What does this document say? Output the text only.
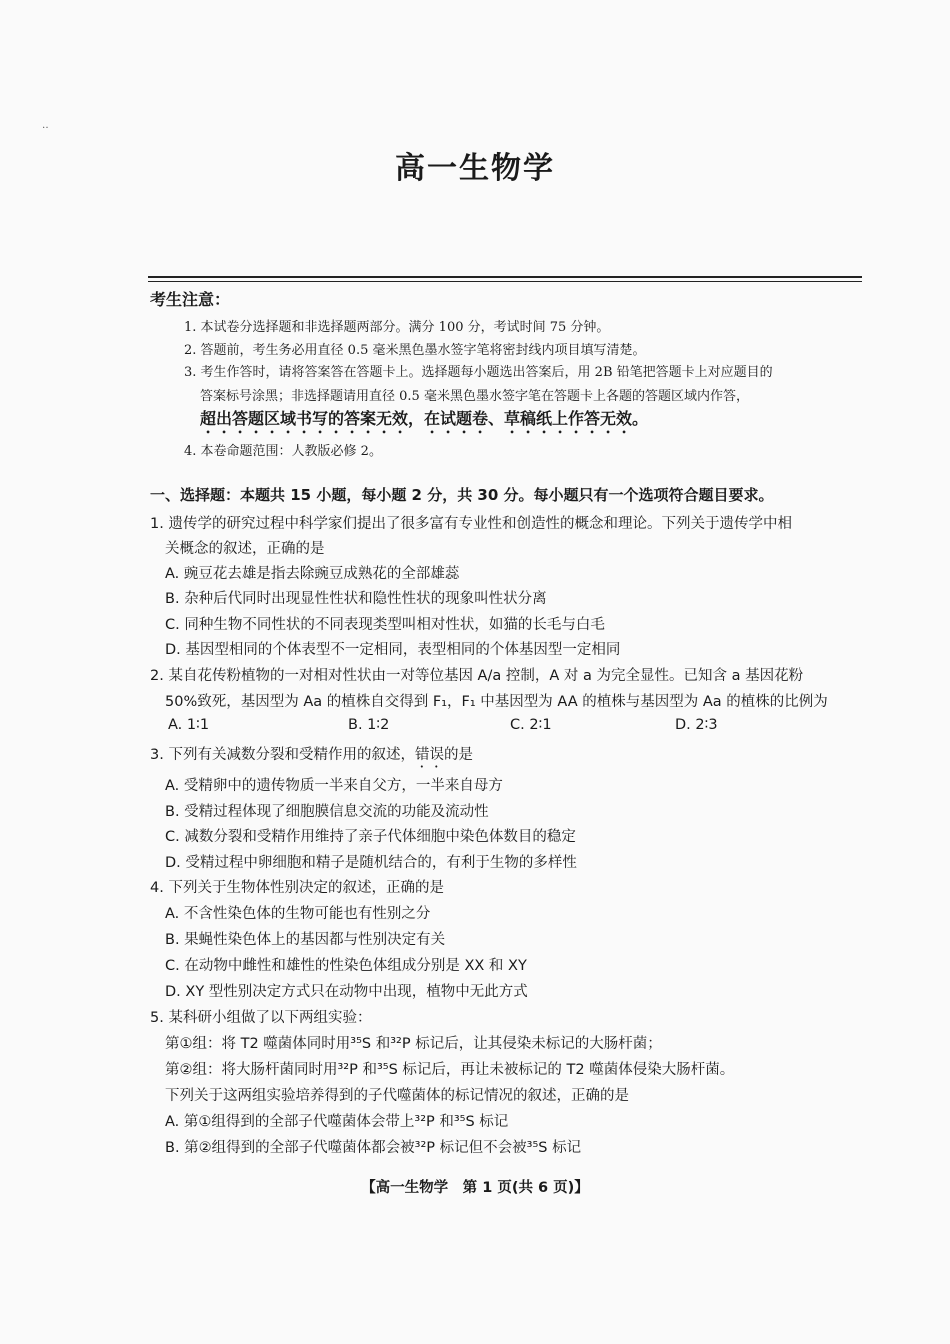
‥
高一生物学
考生注意：
1. 本试卷分选择题和非选择题两部分。满分 100 分，考试时间 75 分钟。
2. 答题前，考生务必用直径 0.5 毫米黑色墨水签字笔将密封线内项目填写清楚。
3. 考生作答时，请将答案答在答题卡上。选择题每小题选出答案后，用 2B 铅笔把答题卡上对应题目的
答案标号涂黑；非选择题请用直径 0.5 毫米黑色墨水签字笔在答题卡上各题的答题区域内作答，
超出答题区域书写的答案无效，在试题卷、草稿纸上作答无效。
4. 本卷命题范围：人教版必修 2。
一、选择题：本题共 15 小题，每小题 2 分，共 30 分。每小题只有一个选项符合题目要求。
1. 遗传学的研究过程中科学家们提出了很多富有专业性和创造性的概念和理论。下列关于遗传学中相
关概念的叙述，正确的是
A. 豌豆花去雄是指去除豌豆成熟花的全部雄蕊
B. 杂种后代同时出现显性性状和隐性性状的现象叫性状分离
C. 同种生物不同性状的不同表现类型叫相对性状，如猫的长毛与白毛
D. 基因型相同的个体表型不一定相同，表型相同的个体基因型一定相同
2. 某自花传粉植物的一对相对性状由一对等位基因 A/a 控制，A 对 a 为完全显性。已知含 a 基因花粉
50%致死，基因型为 Aa 的植株自交得到 F₁，F₁ 中基因型为 AA 的植株与基因型为 Aa 的植株的比例为
A. 1∶1	B. 1∶2	C. 2∶1	D. 2∶3
3. 下列有关减数分裂和受精作用的叙述，错误的是
A. 受精卵中的遗传物质一半来自父方，一半来自母方
B. 受精过程体现了细胞膜信息交流的功能及流动性
C. 减数分裂和受精作用维持了亲子代体细胞中染色体数目的稳定
D. 受精过程中卵细胞和精子是随机结合的，有利于生物的多样性
4. 下列关于生物体性别决定的叙述，正确的是
A. 不含性染色体的生物可能也有性别之分
B. 果蝇性染色体上的基因都与性别决定有关
C. 在动物中雌性和雄性的性染色体组成分别是 XX 和 XY
D. XY 型性别决定方式只在动物中出现，植物中无此方式
5. 某科研小组做了以下两组实验：
第①组：将 T2 噬菌体同时用³⁵S 和³²P 标记后，让其侵染未标记的大肠杆菌；
第②组：将大肠杆菌同时用³²P 和³⁵S 标记后，再让未被标记的 T2 噬菌体侵染大肠杆菌。
下列关于这两组实验培养得到的子代噬菌体的标记情况的叙述，正确的是
A. 第①组得到的全部子代噬菌体会带上³²P 和³⁵S 标记
B. 第②组得到的全部子代噬菌体都会被³²P 标记但不会被³⁵S 标记
【高一生物学　第 1 页(共 6 页)】
